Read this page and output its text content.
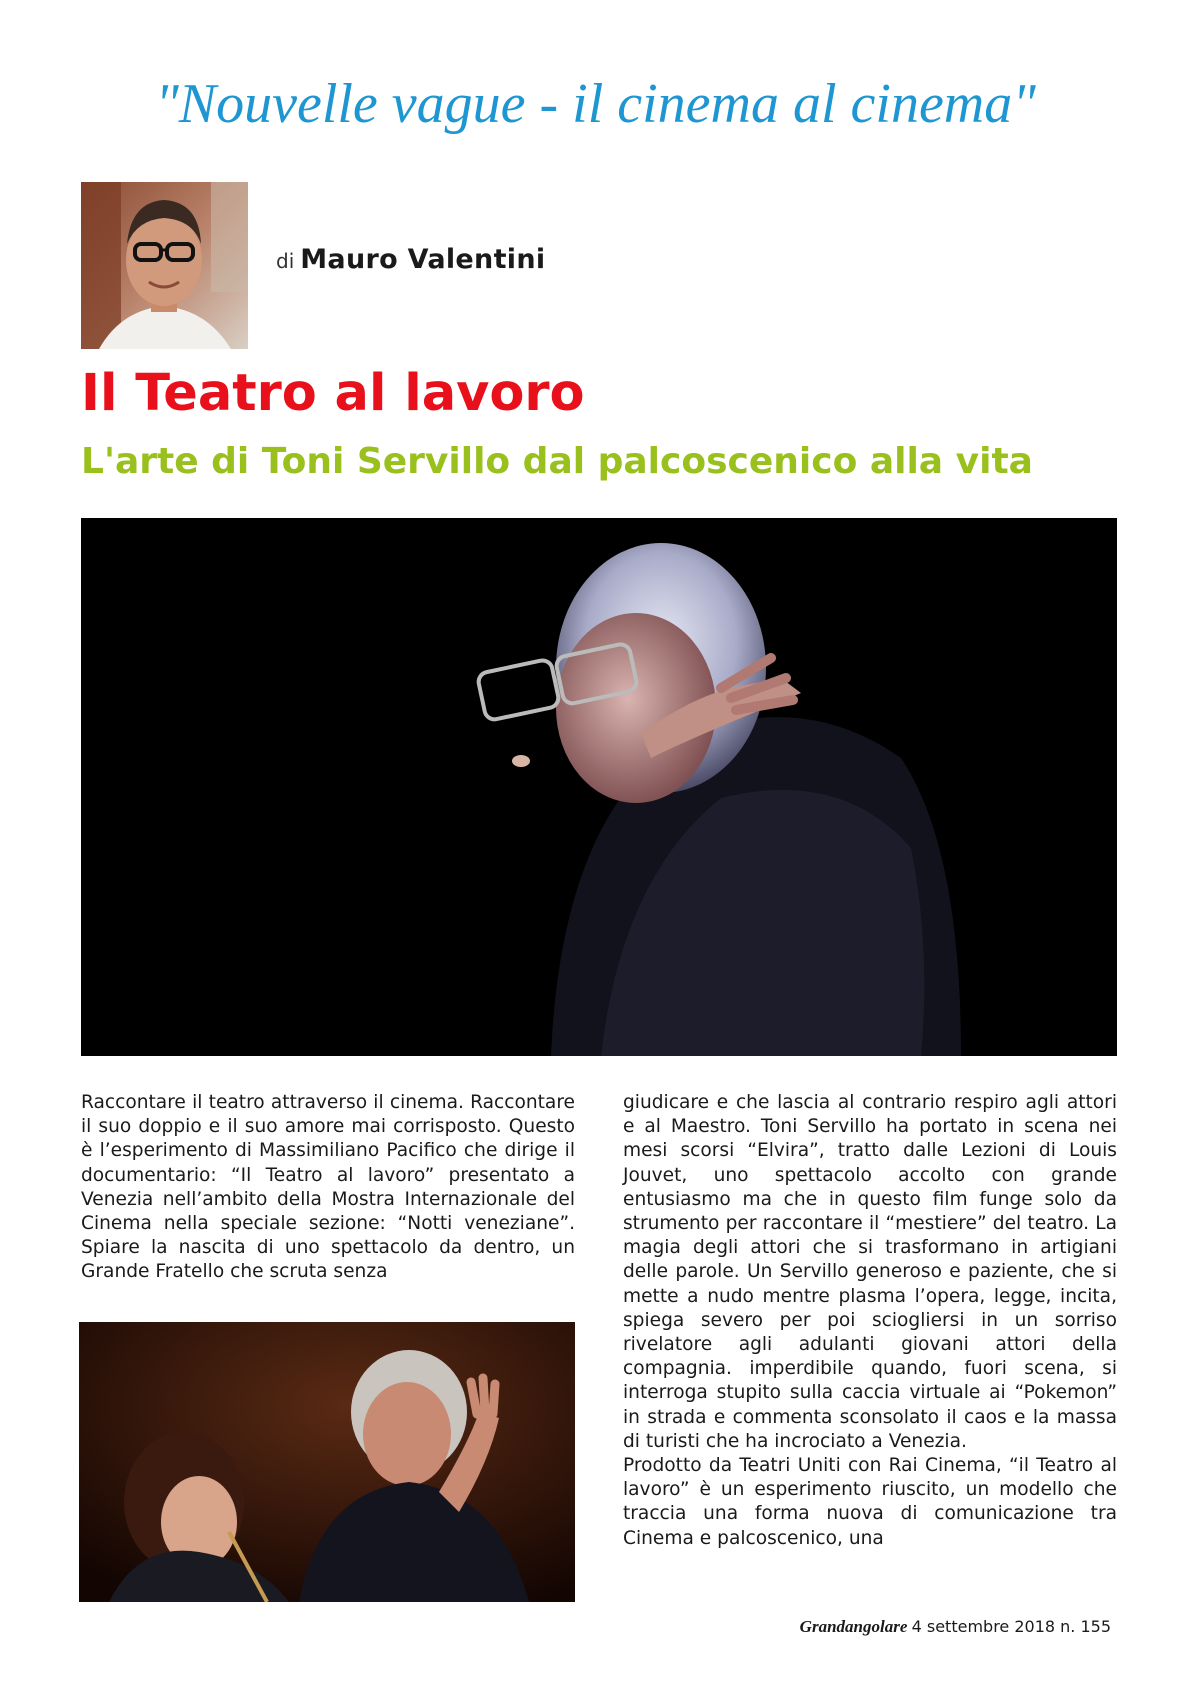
"Nouvelle vague - il cinema al cinema"
di Mauro Valentini
Il Teatro al lavoro
L'arte di Toni Servillo dal palcoscenico alla vita

Raccontare il teatro attraverso il cinema. Raccontare il suo doppio e il suo amore mai corrisposto. Questo è l’esperimento di Massimiliano Pacifico che dirige il documentario: “Il Teatro al lavoro” presentato a Venezia nell’ambito della Mostra Internazionale del Cinema nella speciale sezione: “Notti veneziane”. Spiare la nascita di uno spettacolo da dentro, un Grande Fratello che scruta senza

giudicare e che lascia al contrario respiro agli attori e al Maestro. Toni Servillo ha portato in scena nei mesi scorsi “Elvira”, tratto dalle Lezioni di Louis Jouvet, uno spettacolo accolto con grande entusiasmo ma che in questo film funge solo da strumento per raccontare il “mestiere” del teatro. La magia degli attori che si trasformano in artigiani delle parole. Un Servillo generoso e paziente, che si mette a nudo mentre plasma l’opera, legge, incita, spiega severo per poi sciogliersi in un sorriso rivelatore agli adulanti giovani attori della compagnia. imperdibile quando, fuori scena, si interroga stupito sulla caccia virtuale ai “Pokemon” in strada e commenta sconsolato il caos e la massa di turisti che ha incrociato a Venezia.

Prodotto da Teatri Uniti con Rai Cinema, “il Teatro al lavoro” è un esperimento riuscito, un modello che traccia una forma nuova di comunicazione tra Cinema e palcoscenico, una

Grandangolare 4 settembre 2018 n. 155
